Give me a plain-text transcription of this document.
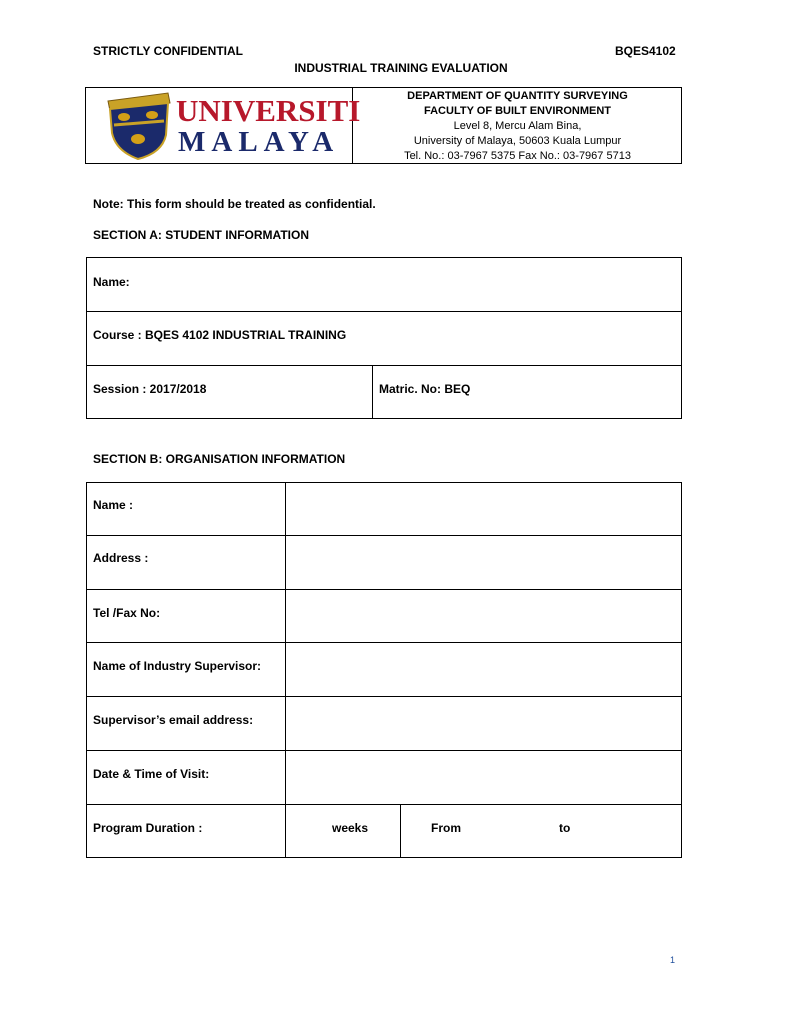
STRICTLY CONFIDENTIAL	BQES4102
INDUSTRIAL TRAINING EVALUATION
UNIVERSITI
MALAYA
DEPARTMENT OF QUANTITY SURVEYING
FACULTY OF BUILT ENVIRONMENT
Level 8, Mercu Alam Bina,
University of Malaya, 50603 Kuala Lumpur
Tel. No.: 03-7967 5375 Fax No.: 03-7967 5713
Note: This form should be treated as confidential.
SECTION A: STUDENT INFORMATION
Name:
Course : BQES 4102 INDUSTRIAL TRAINING
Session : 2017/2018	Matric. No: BEQ
SECTION B: ORGANISATION INFORMATION
Name :
Address :
Tel /Fax No:
Name of Industry Supervisor:
Supervisor’s email address:
Date & Time of Visit:
Program Duration :	weeks	From	to
1
